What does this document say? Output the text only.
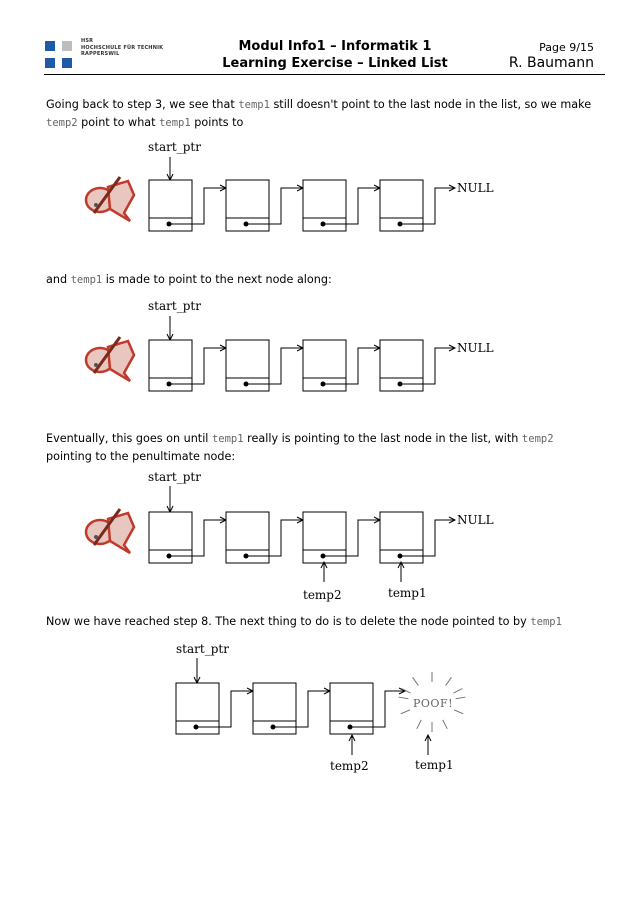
HSR
HOCHSCHULE FÜR TECHNIK
RAPPERSWIL	Modul Info1 – Informatik 1
Learning Exercise – Linked List
Page 9/15
R. Baumann
Going back to step 3, we see that temp1 still doesn't point to the last node in the list, so we make temp2 point to what temp1 points to
start_ptr
NULL
and temp1 is made to point to the next node along:
start_ptr
NULL
Eventually, this goes on until temp1 really is pointing to the last node in the list, with temp2 pointing to the penultimate node:
start_ptr
NULL
temp2	temp1
Now we have reached step 8. The next thing to do is to delete the node pointed to by temp1
start_ptr
temp2	temp1
POOF!
